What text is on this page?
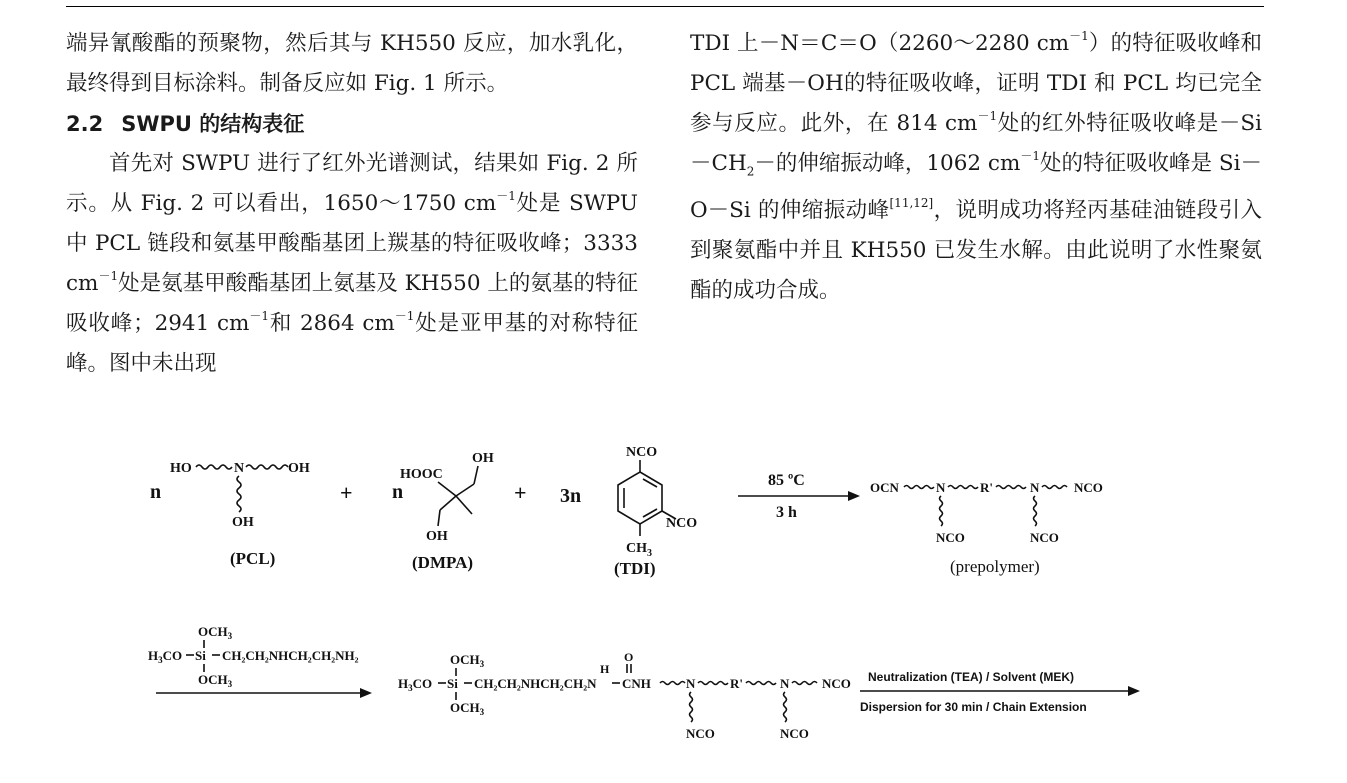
端异氰酸酯的预聚物，然后其与 KH550 反应，加水乳化，最终得到目标涂料。制备反应如 Fig. 1 所示。

2.2 SWPU 的结构表征

首先对 SWPU 进行了红外光谱测试，结果如 Fig. 2 所示。从 Fig. 2 可以看出，1650～1750 $cm^{-1}$处是 SWPU 中 PCL 链段和氨基甲酸酯基团上羰基的特征吸收峰；3333 $cm^{-1}$处是氨基甲酸酯基团上氨基及 KH550 上的氨基的特征吸收峰；2941 $cm^{-1}$和 2864 $cm^{-1}$处是亚甲基的对称特征峰。图中未出现

TDI 上－N＝C＝O（2260～2280 $cm^{-1}$）的特征吸收峰和 PCL 端基－OH的特征吸收峰，证明 TDI 和 PCL 均已完全参与反应。此外，在 814 $cm^{-1}$处的红外特征吸收峰是$-Si-CH_2-$的伸缩振动峰，1062 $cm^{-1}$处的特征吸收峰是 Si－O－Si 的伸缩振动峰[11,12]，说明成功将羟丙基硅油链段引入到聚氨酯中并且 KH550 已发生水解。由此说明了水性聚氨酯的成功合成。

n
HO	N	OH
OH
(PCL)
+ n
OH
HOOC
OH
(DMPA)
+ 3n
NCO
NCO
$CH_3$
(TDI)
85 ºC
3 h
OCN	N	R'	N	NCO
NCO	NCO
(prepolymer)
$OCH_3$
$H_3CO$ Si CH₂CH₂NHCH₂CH₂NH₂
$OCH_3$
$OCH_3$
$H_3CO$ Si CH₂CH₂NHCH₂CH₂N
$OCH_3$
H
O
CNH	N	R'	N	NCO
NCO	NCO
Neutralization (TEA) / Solvent (MEK)
Dispersion for 30 min / Chain Extension
